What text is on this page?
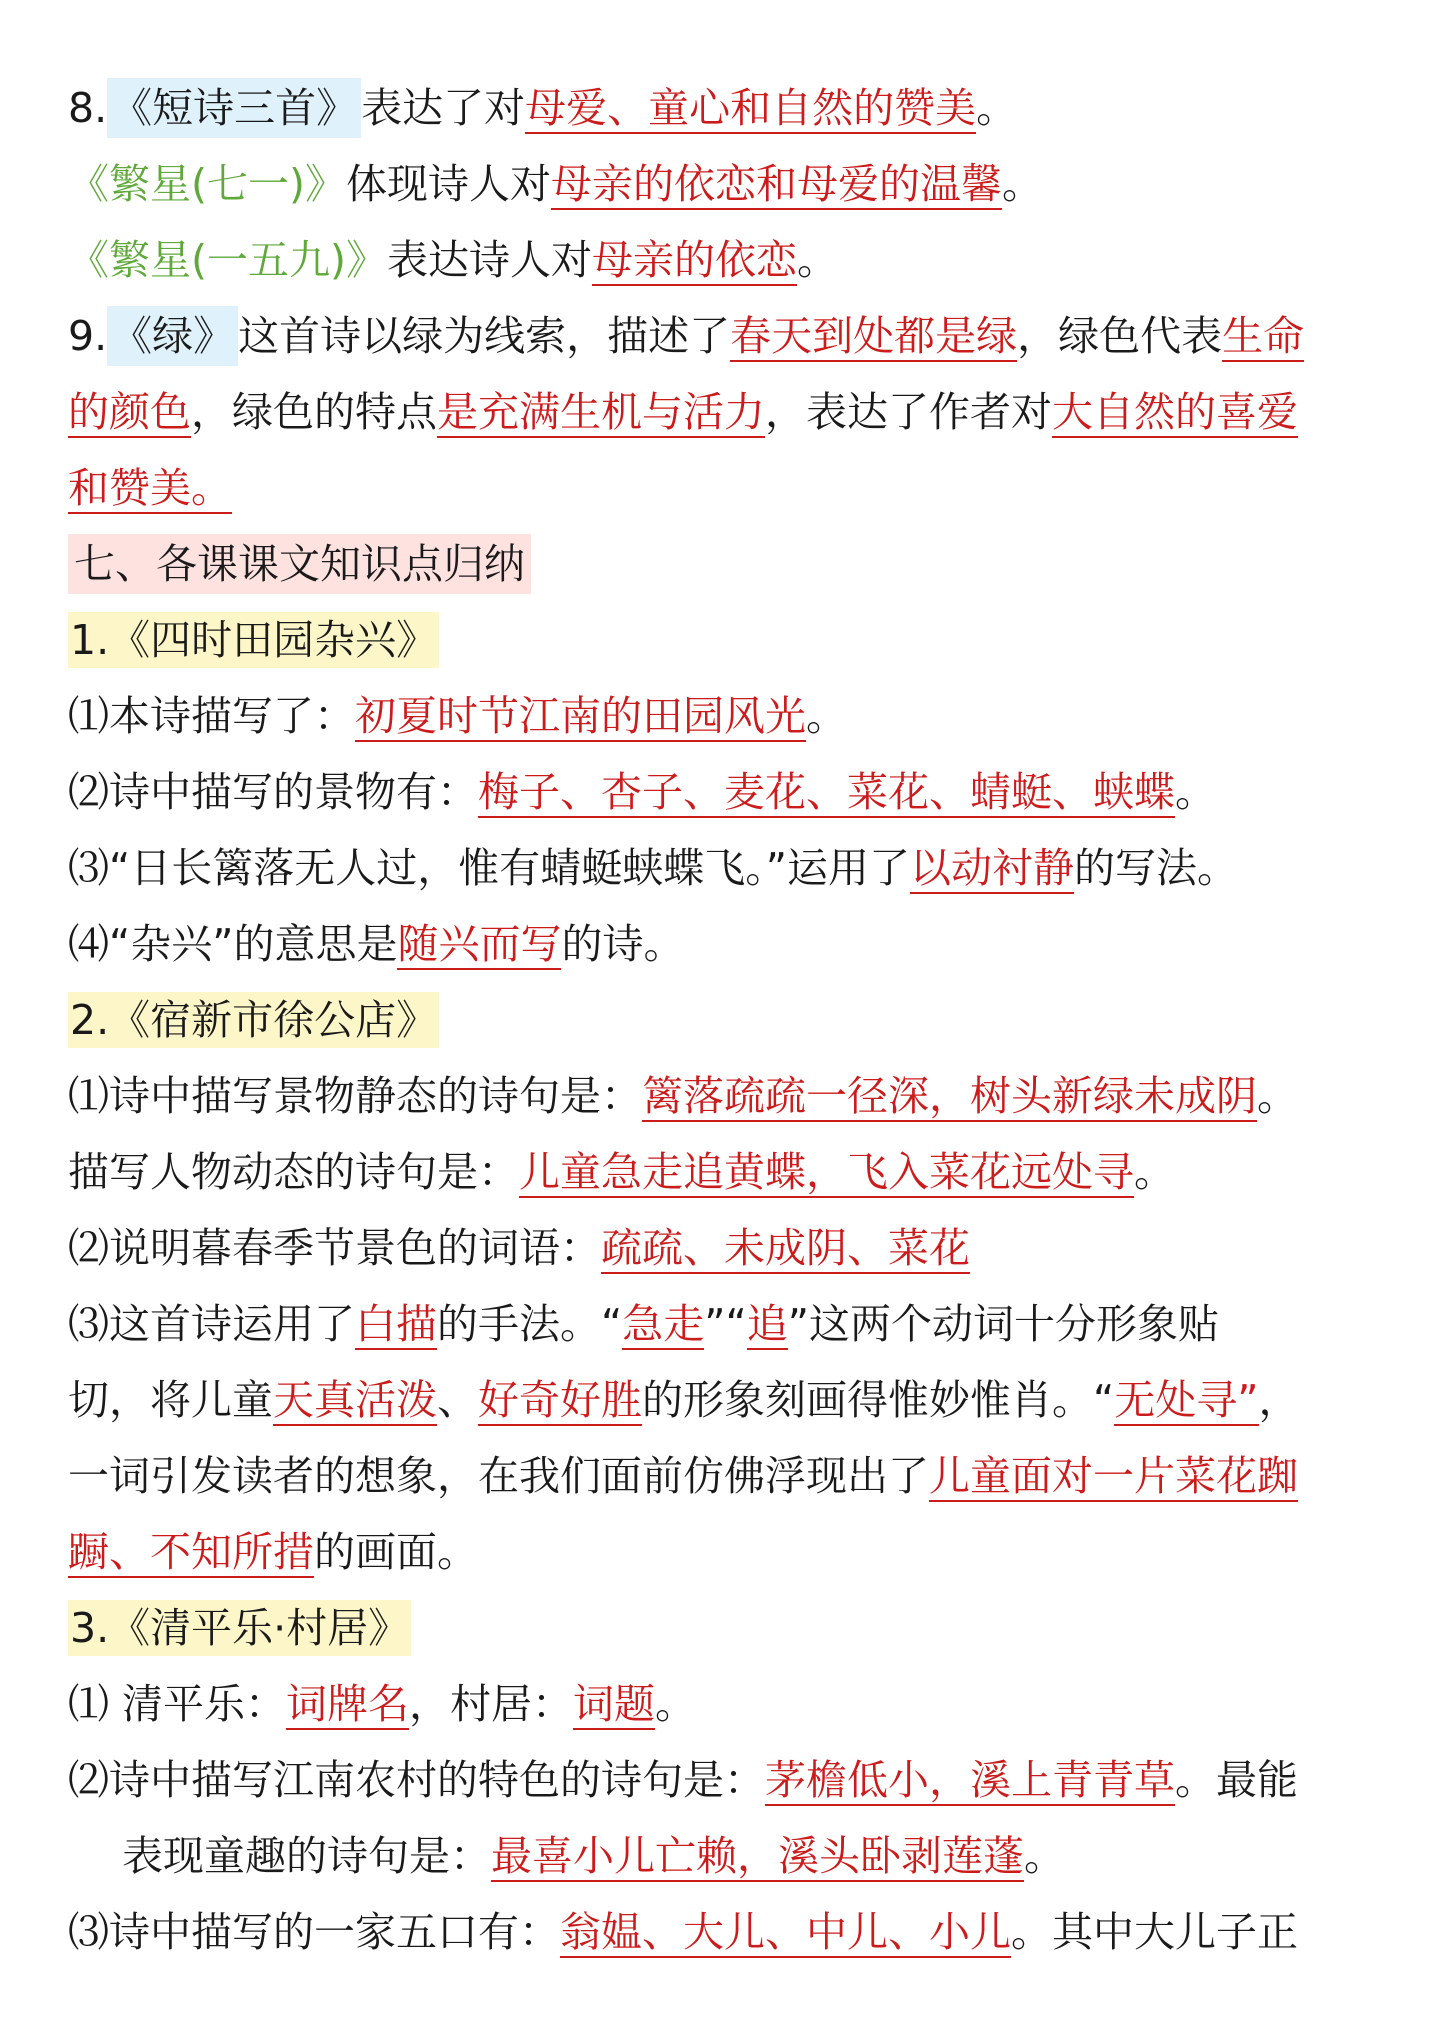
8.《短诗三首》表达了对母爱、童心和自然的赞美。
《繁星(七一)》体现诗人对母亲的依恋和母爱的温馨。
《繁星(一五九)》表达诗人对母亲的依恋。
9.《绿》这首诗以绿为线索，描述了春天到处都是绿，绿色代表生命
的颜色，绿色的特点是充满生机与活力，表达了作者对大自然的喜爱
和赞美。
七、各课课文知识点归纳
1.《四时田园杂兴》
⑴本诗描写了：初夏时节江南的田园风光。
⑵诗中描写的景物有：梅子、杏子、麦花、菜花、蜻蜓、蛱蝶。
⑶“日长篱落无人过，惟有蜻蜓蛱蝶飞。”运用了以动衬静的写法。
⑷“杂兴”的意思是随兴而写的诗。
2.《宿新市徐公店》
⑴诗中描写景物静态的诗句是：篱落疏疏一径深，树头新绿未成阴。
描写人物动态的诗句是：儿童急走追黄蝶，飞入菜花远处寻。
⑵说明暮春季节景色的词语：疏疏、未成阴、菜花
⑶这首诗运用了白描的手法。“急走”“追”这两个动词十分形象贴
切，将儿童天真活泼、好奇好胜的形象刻画得惟妙惟肖。“无处寻”，
一词引发读者的想象，在我们面前仿佛浮现出了儿童面对一片菜花踟
蹰、不知所措的画面。
3.《清平乐·村居》
⑴ 清平乐：词牌名，村居：词题。
⑵诗中描写江南农村的特色的诗句是：茅檐低小，溪上青青草。最能
表现童趣的诗句是：最喜小儿亡赖，溪头卧剥莲蓬。
⑶诗中描写的一家五口有：翁媪、大儿、中儿、小儿。其中大儿子正
